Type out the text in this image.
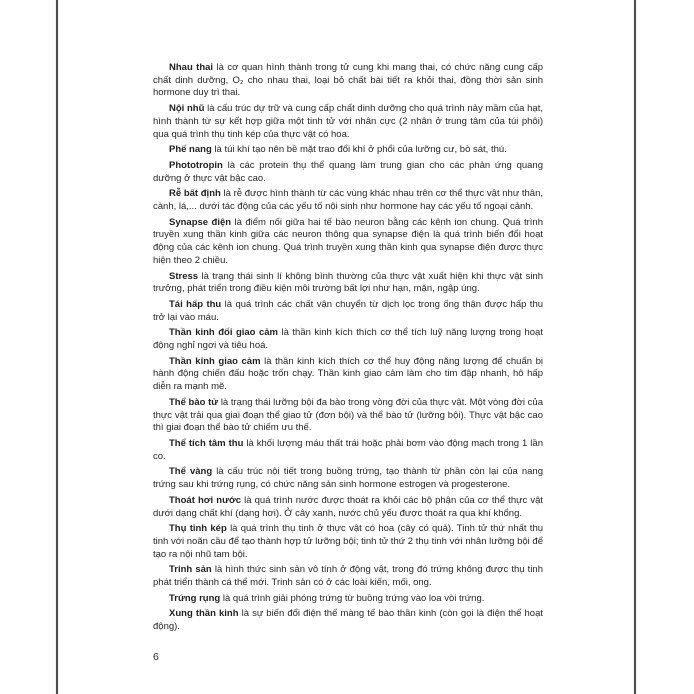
Nhau thai là cơ quan hình thành trong tử cung khi mang thai, có chức năng cung cấp chất dinh dưỡng, O₂ cho nhau thai, loại bỏ chất bài tiết ra khỏi thai, đồng thời sản sinh hormone duy trì thai.

Nội nhũ là cấu trúc dự trữ và cung cấp chất dinh dưỡng cho quá trình nảy mầm của hạt, hình thành từ sự kết hợp giữa một tinh tử với nhân cực (2 nhân ở trung tâm của túi phôi) qua quá trình thụ tinh kép của thực vật có hoa.

Phế nang là túi khí tạo nên bề mặt trao đổi khí ở phổi của lưỡng cư, bò sát, thú.

Phototropin là các protein thụ thể quang làm trung gian cho các phản ứng quang dưỡng ở thực vật bậc cao.

Rễ bất định là rễ được hình thành từ các vùng khác nhau trên cơ thể thực vật như thân, cành, lá,... dưới tác động của các yếu tố nội sinh như hormone hay các yếu tố ngoại cảnh.

Synapse điện là điểm nối giữa hai tế bào neuron bằng các kênh ion chung. Quá trình truyền xung thần kinh giữa các neuron thông qua synapse điện là quá trình biến đổi hoạt động của các kênh ion chung. Quá trình truyền xung thần kinh qua synapse điện được thực hiện theo 2 chiều.

Stress là trạng thái sinh lí không bình thường của thực vật xuất hiện khi thực vật sinh trưởng, phát triển trong điều kiện môi trường bất lợi như hạn, mặn, ngập úng.

Tái hấp thu là quá trình các chất vận chuyển từ dịch lọc trong ống thận được hấp thu trở lại vào máu.

Thần kinh đối giao cảm là thần kinh kích thích cơ thể tích luỹ năng lượng trong hoạt động nghỉ ngơi và tiêu hoá.

Thần kinh giao cảm là thần kinh kích thích cơ thể huy động năng lượng để chuẩn bị hành động chiến đấu hoặc trốn chạy. Thần kinh giao cảm làm cho tim đập nhanh, hô hấp diễn ra mạnh mẽ.

Thể bào tử là trạng thái lưỡng bội đa bào trong vòng đời của thực vật. Một vòng đời của thực vật trải qua giai đoạn thể giao tử (đơn bội) và thể bào tử (lưỡng bội). Thực vật bậc cao thì giai đoạn thể bào tử chiếm ưu thế.

Thể tích tâm thu là khối lượng máu thất trái hoặc phải bơm vào động mạch trong 1 lần co.

Thể vàng là cấu trúc nội tiết trong buồng trứng, tạo thành từ phần còn lại của nang trứng sau khi trứng rụng, có chức năng sản sinh hormone estrogen và progesterone.

Thoát hơi nước là quá trình nước được thoát ra khỏi các bộ phận của cơ thể thực vật dưới dạng chất khí (dạng hơi). Ở cây xanh, nước chủ yếu được thoát ra qua khí khổng.

Thụ tinh kép là quá trình thụ tinh ở thực vật có hoa (cây có quả). Tinh tử thứ nhất thụ tinh với noãn cầu để tạo thành hợp tử lưỡng bội; tinh tử thứ 2 thụ tinh với nhân lưỡng bội để tạo ra nội nhũ tam bội.

Trinh sản là hình thức sinh sản vô tính ở động vật, trong đó trứng không được thụ tinh phát triển thành cá thể mới. Trinh sản có ở các loài kiến, mối, ong.

Trứng rụng là quá trình giải phóng trứng từ buồng trứng vào loa vòi trứng.

Xung thần kinh là sự biến đổi điện thế màng tế bào thần kinh (còn gọi là điện thế hoạt động).

6
